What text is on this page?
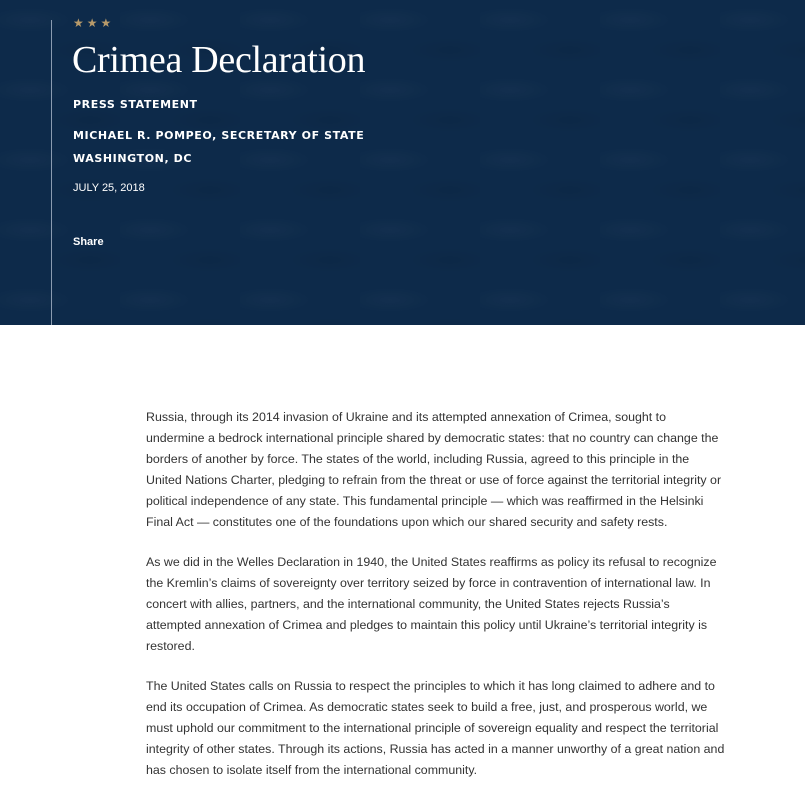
★ ★ ★
Crimea Declaration
PRESS STATEMENT
MICHAEL R. POMPEO, SECRETARY OF STATE
WASHINGTON, DC
JULY 25, 2018
Share

Russia, through its 2014 invasion of Ukraine and its attempted annexation of Crimea, sought to undermine a bedrock international principle shared by democratic states: that no country can change the borders of another by force. The states of the world, including Russia, agreed to this principle in the United Nations Charter, pledging to refrain from the threat or use of force against the territorial integrity or political independence of any state. This fundamental principle — which was reaffirmed in the Helsinki Final Act — constitutes one of the foundations upon which our shared security and safety rests.

As we did in the Welles Declaration in 1940, the United States reaffirms as policy its refusal to recognize the Kremlin’s claims of sovereignty over territory seized by force in contravention of international law. In concert with allies, partners, and the international community, the United States rejects Russia’s attempted annexation of Crimea and pledges to maintain this policy until Ukraine’s territorial integrity is restored.

The United States calls on Russia to respect the principles to which it has long claimed to adhere and to end its occupation of Crimea. As democratic states seek to build a free, just, and prosperous world, we must uphold our commitment to the international principle of sovereign equality and respect the territorial integrity of other states. Through its actions, Russia has acted in a manner unworthy of a great nation and has chosen to isolate itself from the international community.
